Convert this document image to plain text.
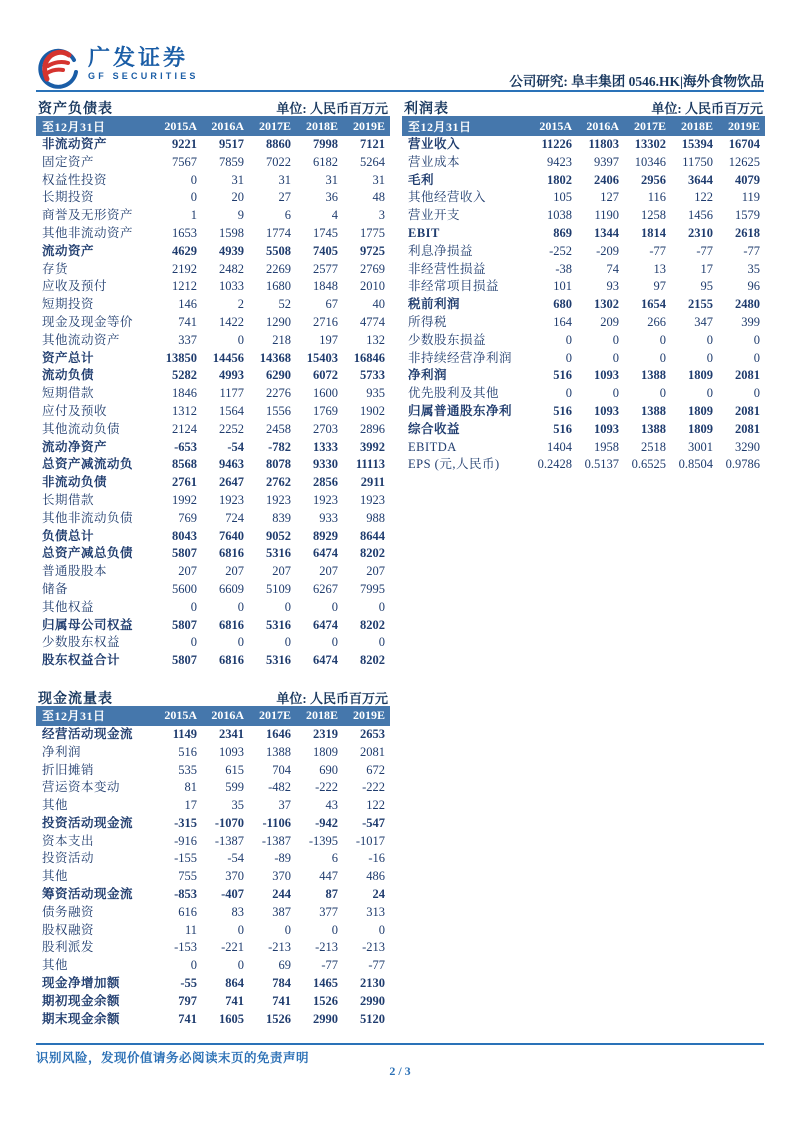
广发证券
GF SECURITIES	公司研究: 阜丰集团 0546.HK|海外食物饮品
资产负债表	单位: 人民币百万元
至12月31日	2015A	2016A	2017E	2018E	2019E
非流动资产	9221	9517	8860	7998	7121
固定资产	7567	7859	7022	6182	5264
权益性投资	0	31	31	31	31
长期投资	0	20	27	36	48
商誉及无形资产	1	9	6	4	3
其他非流动资产	1653	1598	1774	1745	1775
流动资产	4629	4939	5508	7405	9725
存货	2192	2482	2269	2577	2769
应收及预付	1212	1033	1680	1848	2010
短期投资	146	2	52	67	40
现金及现金等价	741	1422	1290	2716	4774
其他流动资产	337	0	218	197	132
资产总计	13850	14456	14368	15403	16846
流动负债	5282	4993	6290	6072	5733
短期借款	1846	1177	2276	1600	935
应付及预收	1312	1564	1556	1769	1902
其他流动负债	2124	2252	2458	2703	2896
流动净资产	-653	-54	-782	1333	3992
总资产减流动负	8568	9463	8078	9330	11113
非流动负债	2761	2647	2762	2856	2911
长期借款	1992	1923	1923	1923	1923
其他非流动负债	769	724	839	933	988
负债总计	8043	7640	9052	8929	8644
总资产减总负债	5807	6816	5316	6474	8202
普通股股本	207	207	207	207	207
储备	5600	6609	5109	6267	7995
其他权益	0	0	0	0	0
归属母公司权益	5807	6816	5316	6474	8202
少数股东权益	0	0	0	0	0
股东权益合计	5807	6816	5316	6474	8202
现金流量表	单位: 人民币百万元
至12月31日	2015A	2016A	2017E	2018E	2019E
经营活动现金流	1149	2341	1646	2319	2653
净利润	516	1093	1388	1809	2081
折旧摊销	535	615	704	690	672
营运资本变动	81	599	-482	-222	-222
其他	17	35	37	43	122
投资活动现金流	-315	-1070	-1106	-942	-547
资本支出	-916	-1387	-1387	-1395	-1017
投资活动	-155	-54	-89	6	-16
其他	755	370	370	447	486
筹资活动现金流	-853	-407	244	87	24
债务融资	616	83	387	377	313
股权融资	11	0	0	0	0
股利派发	-153	-221	-213	-213	-213
其他	0	0	69	-77	-77
现金净增加额	-55	864	784	1465	2130
期初现金余额	797	741	741	1526	2990
期末现金余额	741	1605	1526	2990	5120
利润表	单位: 人民币百万元
至12月31日	2015A	2016A	2017E	2018E	2019E
营业收入	11226	11803	13302	15394	16704
营业成本	9423	9397	10346	11750	12625
毛利	1802	2406	2956	3644	4079
其他经营收入	105	127	116	122	119
营业开支	1038	1190	1258	1456	1579
EBIT	869	1344	1814	2310	2618
利息净损益	-252	-209	-77	-77	-77
非经营性损益	-38	74	13	17	35
非经常项目损益	101	93	97	95	96
税前利润	680	1302	1654	2155	2480
所得税	164	209	266	347	399
少数股东损益	0	0	0	0	0
非持续经营净利润	0	0	0	0	0
净利润	516	1093	1388	1809	2081
优先股利及其他	0	0	0	0	0
归属普通股东净利	516	1093	1388	1809	2081
综合收益	516	1093	1388	1809	2081
EBITDA	1404	1958	2518	3001	3290
EPS (元,人民币)	0.2428	0.5137	0.6525	0.8504	0.9786
识别风险，发现价值请务必阅读末页的免责声明
2 / 3
